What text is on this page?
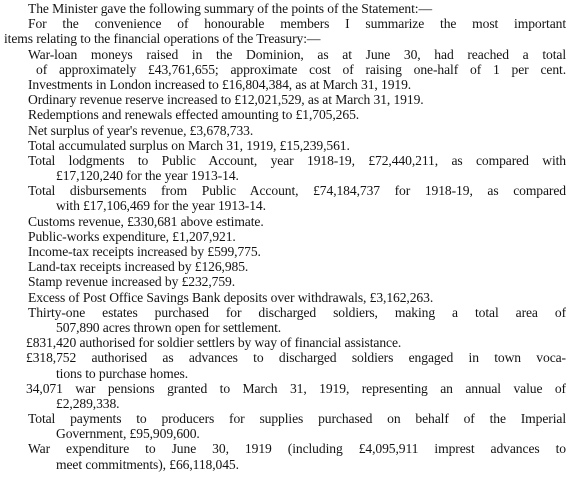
The Minister gave the following summary of the points of the Statement:—
For the convenience of honourable members I summarize the most important
items relating to the financial operations of the Treasury:—
War-loan moneys raised in the Dominion, as at June 30, had reached a total
of approximately £43,761,655; approximate cost of raising one-half of 1 per cent.
Investments in London increased to £16,804,384, as at March 31, 1919.
Ordinary revenue reserve increased to £12,021,529, as at March 31, 1919.
Redemptions and renewals effected amounting to £1,705,265.
Net surplus of year's revenue, £3,678,733.
Total accumulated surplus on March 31, 1919, £15,239,561.
Total lodgments to Public Account, year 1918-19, £72,440,211, as compared with
£17,120,240 for the year 1913-14.
Total disbursements from Public Account, £74,184,737 for 1918-19, as compared
with £17,106,469 for the year 1913-14.
Customs revenue, £330,681 above estimate.
Public-works expenditure, £1,207,921.
Income-tax receipts increased by £599,775.
Land-tax receipts increased by £126,985.
Stamp revenue increased by £232,759.
Excess of Post Office Savings Bank deposits over withdrawals, £3,162,263.
Thirty-one estates purchased for discharged soldiers, making a total area of
507,890 acres thrown open for settlement.
£831,420 authorised for soldier settlers by way of financial assistance.
£318,752 authorised as advances to discharged soldiers engaged in town voca-
tions to purchase homes.
34,071 war pensions granted to March 31, 1919, representing an annual value of
£2,289,338.
Total payments to producers for supplies purchased on behalf of the Imperial
Government, £95,909,600.
War expenditure to June 30, 1919 (including £4,095,911 imprest advances to
meet commitments), £66,118,045.
